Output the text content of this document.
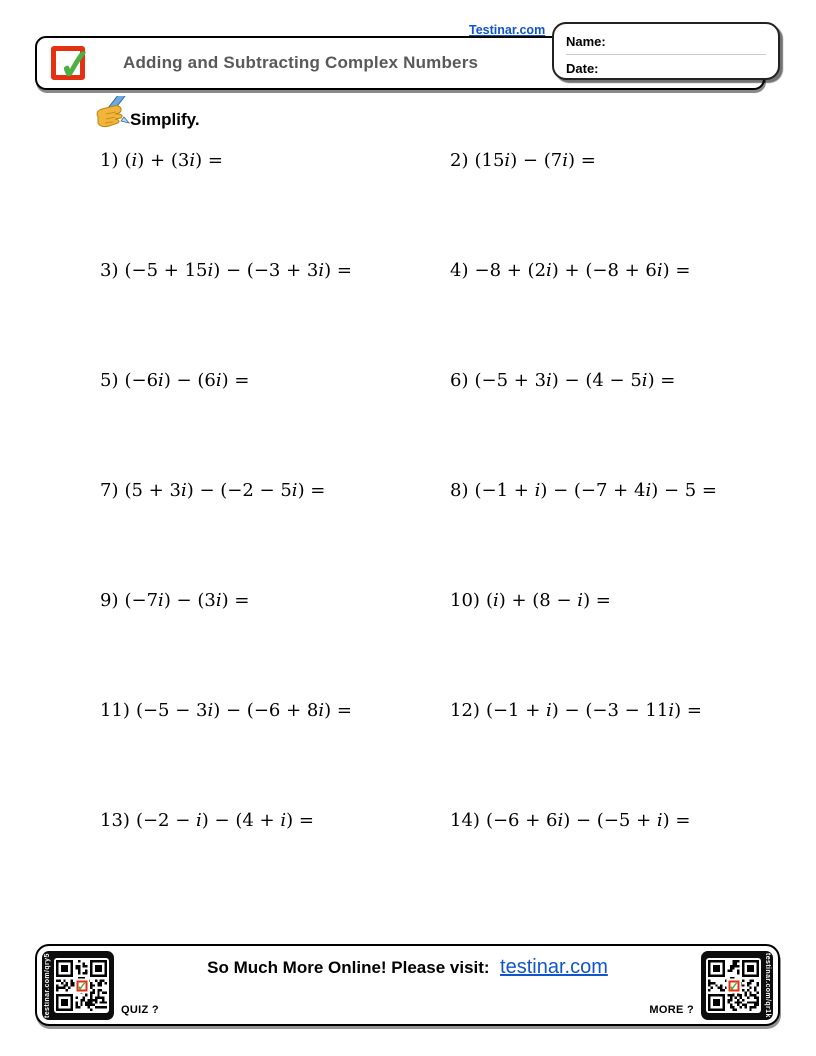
Testinar.com
✓ Adding and Subtracting Complex Numbers
Name:
Date:
Simplify.
1) (i) + (3i) =	2) (15i) − (7i) =
3) (−5 + 15i) − (−3 + 3i) =	4) −8 + (2i) + (−8 + 6i) =
5) (−6i) − (6i) =	6) (−5 + 3i) − (4 − 5i) =
7) (5 + 3i) − (−2 − 5i) =	8) (−1 + i) − (−7 + 4i) − 5 =
9) (−7i) − (3i) =	10) (i) + (8 − i) =
11) (−5 − 3i) − (−6 + 8i) =	12) (−1 + i) − (−3 − 11i) =
13) (−2 − i) − (4 + i) =	14) (−6 + 6i) − (−5 + i) =
testinar.com/qry5 ✓
So Much More Online! Please visit: testinar.com
QUIZ ?	MORE ?	testinar.com/qr1k
✓
